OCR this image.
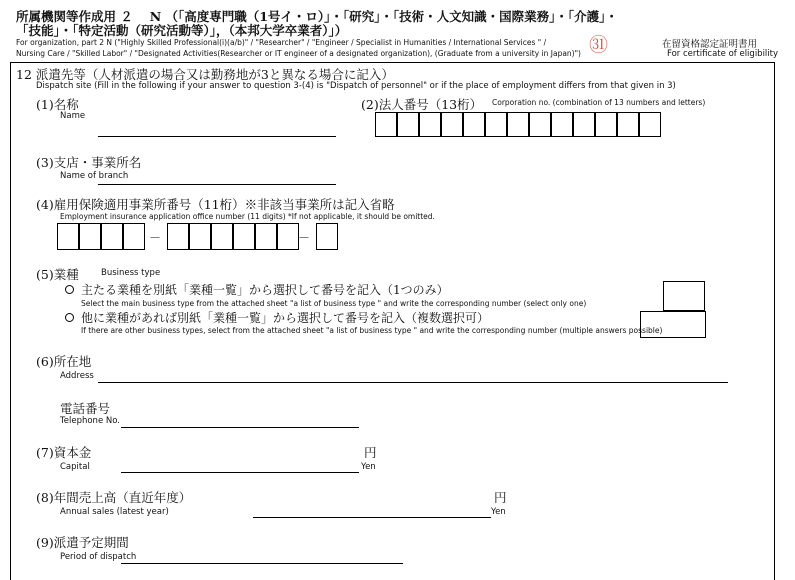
所属機関等作成用 ２　 N （「高度専門職（1号イ・ロ）」・「研究」・「技術・人文知識・国際業務」・「介護」・
「技能」・「特定活動（研究活動等）」，（本邦大学卒業者）」）
For organization, part 2 N ("Highly Skilled Professional(i)(a/b)" / "Researcher" / "Engineer / Specialist in Humanities / International Services " /
Nursing Care / "Skilled Labor" / "Designated Activities(Researcher or IT engineer of a designated organization), (Graduate from a university in Japan)") ㉛	在留資格認定証明書用
For certificate of eligibility
12 派遣先等（人材派遣の場合又は勤務地が3と異なる場合に記入）
Dispatch site (Fill in the following if your answer to question 3-(4) is "Dispatch of personnel" or if the place of employment differs from that given in 3)
(1)名称
Name
(2)法人番号（13桁） Corporation no. (combination of 13 numbers and letters)
(3)支店・事業所名
Name of branch
(4)雇用保険適用事業所番号（11桁）※非該当事業所は記入省略
Employment insurance application office number (11 digits) *If not applicable, it should be omitted.
－	－
(5)業種	Business type
主たる業種を別紙「業種一覧」から選択して番号を記入（1つのみ）
Select the main business type from the attached sheet "a list of business type " and write the corresponding number (select only one)
他に業種があれば別紙「業種一覧」から選択して番号を記入（複数選択可）
If there are other business types, select from the attached sheet "a list of business type " and write the corresponding number (multiple answers possible)
(6)所在地
Address
電話番号
Telephone No.
(7)資本金
Capital
円
Yen
(8)年間売上高（直近年度）
Annual sales (latest year)
円
Yen
(9)派遣予定期間
Period of dispatch
